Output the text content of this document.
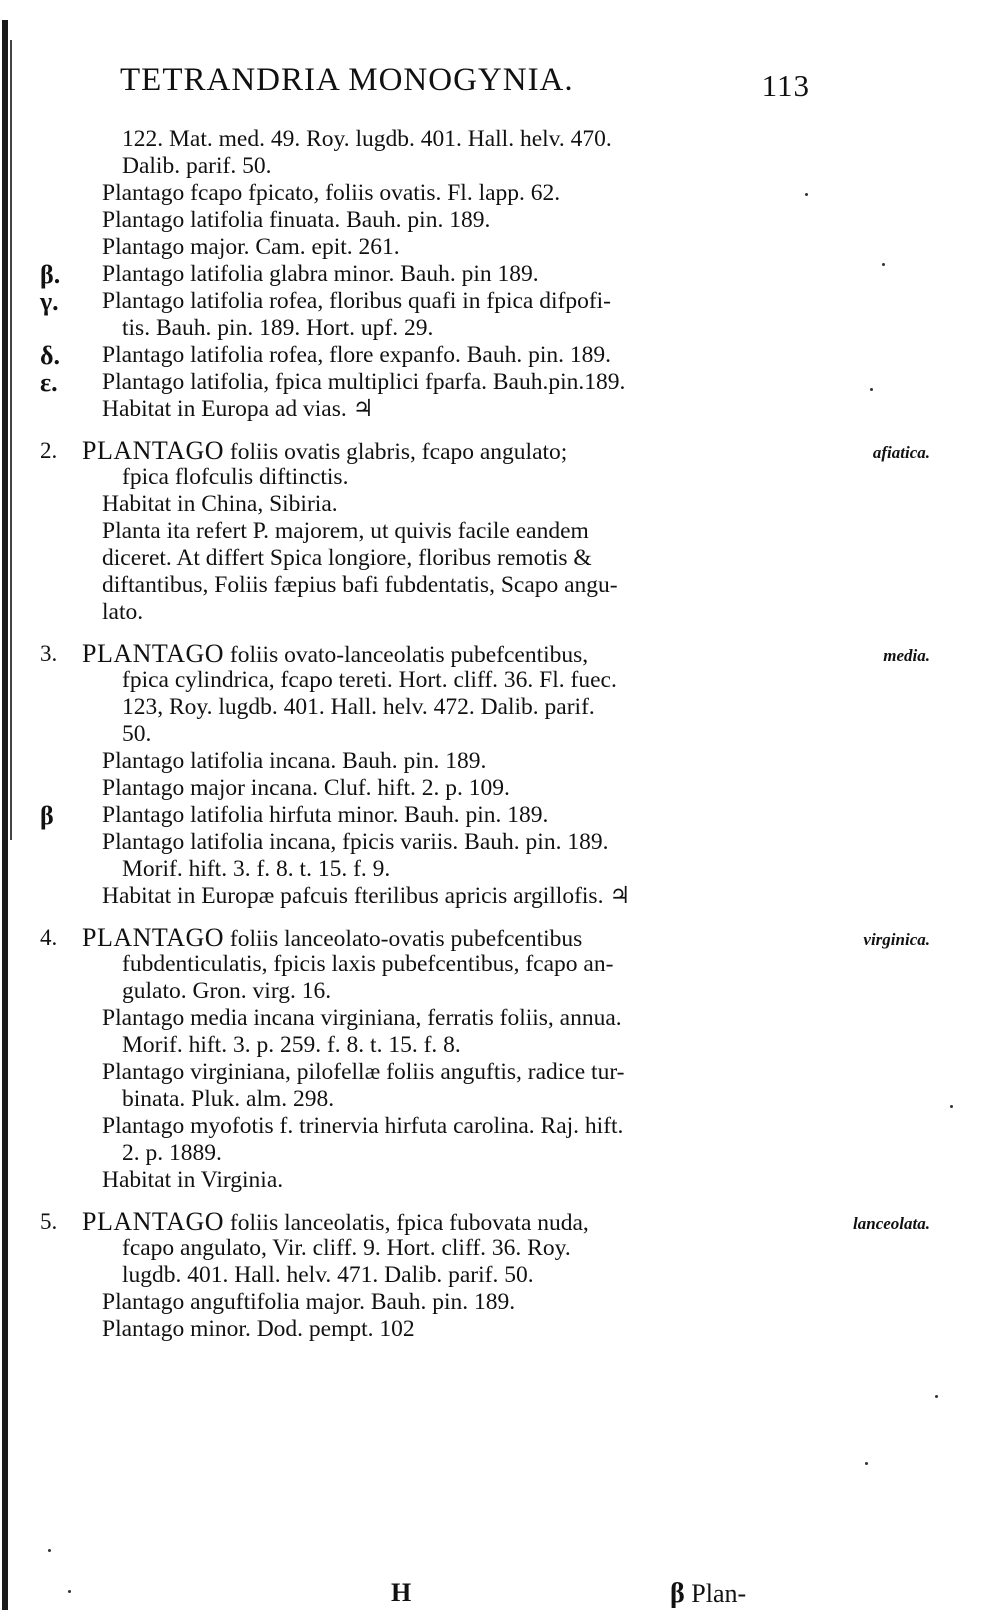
TETRANDRIA MONOGYNIA.	113
122. Mat. med. 49. Roy. lugdb. 401. Hall. helv. 470.
Dalib. parif. 50.
Plantago fcapo fpicato, foliis ovatis. Fl. lapp. 62.
Plantago latifolia finuata. Bauh. pin. 189.
Plantago major. Cam. epit. 261.
β. Plantago latifolia glabra minor. Bauh. pin 189.
γ. Plantago latifolia rofea, floribus quafi in fpica difpofi-
tis. Bauh. pin. 189. Hort. upf. 29.
δ. Plantago latifolia rofea, flore expanfo. Bauh. pin. 189.
ε. Plantago latifolia, fpica multiplici fparfa. Bauh.pin.189.
Habitat in Europa ad vias. ♃
2. PLANTAGO foliis ovatis glabris, fcapo angulato;	afiatica.
fpica flofculis diftinctis.
Habitat in China, Sibiria.
Planta ita refert P. majorem, ut quivis facile eandem
diceret. At differt Spica longiore, floribus remotis &
diftantibus, Foliis fæpius bafi fubdentatis, Scapo angu-
lato.
3. PLANTAGO foliis ovato-lanceolatis pubefcentibus,	media.
fpica cylindrica, fcapo tereti. Hort. cliff. 36. Fl. fuec.
123, Roy. lugdb. 401. Hall. helv. 472. Dalib. parif.
50.
Plantago latifolia incana. Bauh. pin. 189.
Plantago major incana. Cluf. hift. 2. p. 109.
β Plantago latifolia hirfuta minor. Bauh. pin. 189.
Plantago latifolia incana, fpicis variis. Bauh. pin. 189.
Morif. hift. 3. f. 8. t. 15. f. 9.
Habitat in Europæ pafcuis fterilibus apricis argillofis. ♃
4. PLANTAGO foliis lanceolato-ovatis pubefcentibus	virginica.
fubdenticulatis, fpicis laxis pubefcentibus, fcapo an-
gulato. Gron. virg. 16.
Plantago media incana virginiana, ferratis foliis, annua.
Morif. hift. 3. p. 259. f. 8. t. 15. f. 8.
Plantago virginiana, pilofellæ foliis anguftis, radice tur-
binata. Pluk. alm. 298.
Plantago myofotis f. trinervia hirfuta carolina. Raj. hift.
2. p. 1889.
Habitat in Virginia.
5. PLANTAGO foliis lanceolatis, fpica fubovata nuda,	lanceolata.
fcapo angulato, Vir. cliff. 9. Hort. cliff. 36. Roy.
lugdb. 401. Hall. helv. 471. Dalib. parif. 50.
Plantago anguftifolia major. Bauh. pin. 189.
Plantago minor. Dod. pempt. 102
H	β Plan-
